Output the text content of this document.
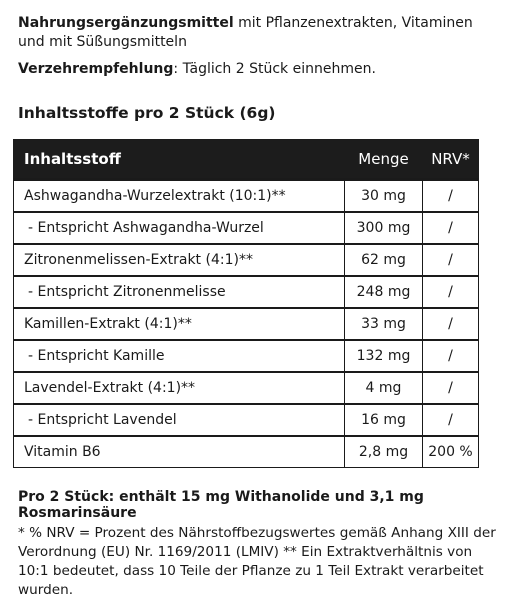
Nahrungsergänzungsmittel mit Pflanzenextrakten, Vitaminen und mit Süßungsmitteln
Verzehrempfehlung: Täglich 2 Stück einnehmen.
Inhaltsstoffe pro 2 Stück (6g)
Inhaltsstoff	Menge	NRV*
Ashwagandha-Wurzelextrakt (10:1)**	30 mg	/
- Entspricht Ashwagandha-Wurzel	300 mg	/
Zitronenmelissen-Extrakt (4:1)**	62 mg	/
- Entspricht Zitronenmelisse	248 mg	/
Kamillen-Extrakt (4:1)**	33 mg	/
- Entspricht Kamille	132 mg	/
Lavendel-Extrakt (4:1)**	4 mg	/
- Entspricht Lavendel	16 mg	/
Vitamin B6	2,8 mg	200 %
Pro 2 Stück: enthält 15 mg Withanolide und 3,1 mg Rosmarinsäure
* % NRV = Prozent des Nährstoffbezugswertes gemäß Anhang XIII der Verordnung (EU) Nr. 1169/2011 (LMIV) ** Ein Extraktverhältnis von 10:1 bedeutet, dass 10 Teile der Pflanze zu 1 Teil Extrakt verarbeitet wurden.
